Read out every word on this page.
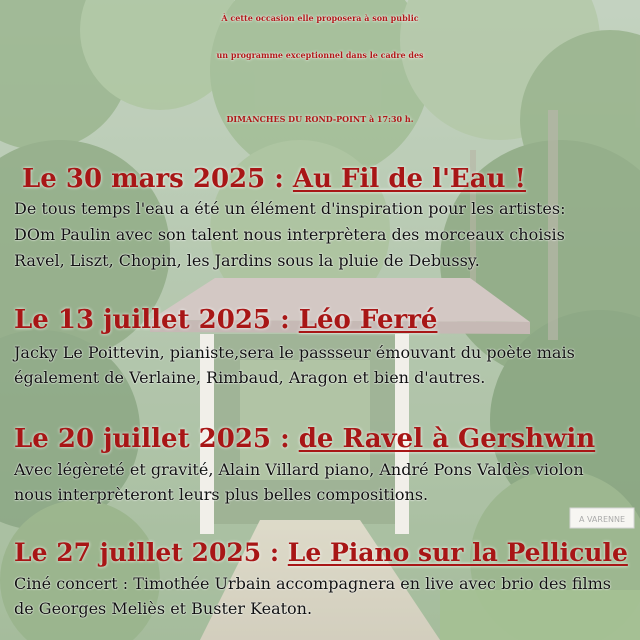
A VARENNE
À cette occasion elle proposera à son public
un programme exceptionnel dans le cadre des
DIMANCHES DU ROND-POINT à 17:30 h.
Le 30 mars 2025 : Au Fil de l'Eau !
De tous temps l'eau a été un élément d'inspiration pour les artistes:
DOm Paulin avec son talent nous interprètera des morceaux choisis
Ravel, Liszt, Chopin, les Jardins sous la pluie de Debussy.
Le 13 juillet 2025 : Léo Ferré
Jacky Le Poittevin, pianiste,sera le passseur émouvant du poète mais
également de Verlaine, Rimbaud, Aragon et bien d'autres.
Le 20 juillet 2025 : de Ravel à Gershwin
Avec légèreté et gravité, Alain Villard piano, André Pons Valdès violon
nous interprèteront leurs plus belles compositions.
Le 27 juillet 2025 : Le Piano sur la Pellicule
Ciné concert : Timothée Urbain accompagnera en live avec brio des films
de Georges Meliès et Buster Keaton.
